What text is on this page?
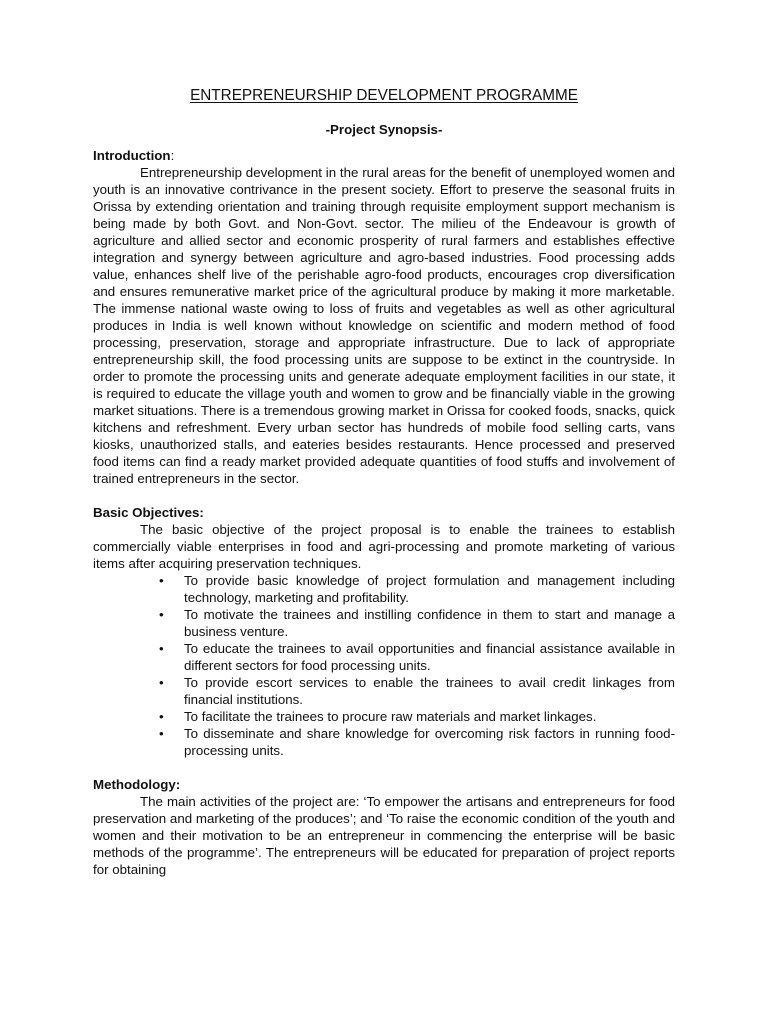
ENTREPRENEURSHIP DEVELOPMENT PROGRAMME
-Project Synopsis-
Introduction:

Entrepreneurship development in the rural areas for the benefit of unemployed women and youth is an innovative contrivance in the present society. Effort to preserve the seasonal fruits in Orissa by extending orientation and training through requisite employment support mechanism is being made by both Govt. and Non-Govt. sector. The milieu of the Endeavour is growth of agriculture and allied sector and economic prosperity of rural farmers and establishes effective integration and synergy between agriculture and agro-based industries. Food processing adds value, enhances shelf live of the perishable agro-food products, encourages crop diversification and ensures remunerative market price of the agricultural produce by making it more marketable. The immense national waste owing to loss of fruits and vegetables as well as other agricultural produces in India is well known without knowledge on scientific and modern method of food processing, preservation, storage and appropriate infrastructure. Due to lack of appropriate entrepreneurship skill, the food processing units are suppose to be extinct in the countryside. In order to promote the processing units and generate adequate employment facilities in our state, it is required to educate the village youth and women to grow and be financially viable in the growing market situations. There is a tremendous growing market in Orissa for cooked foods, snacks, quick kitchens and refreshment. Every urban sector has hundreds of mobile food selling carts, vans kiosks, unauthorized stalls, and eateries besides restaurants. Hence processed and preserved food items can find a ready market provided adequate quantities of food stuffs and involvement of trained entrepreneurs in the sector.

Basic Objectives:

The basic objective of the project proposal is to enable the trainees to establish commercially viable enterprises in food and agri-processing and promote marketing of various items after acquiring preservation techniques.

• To provide basic knowledge of project formulation and management including technology, marketing and profitability.
• To motivate the trainees and instilling confidence in them to start and manage a business venture.
• To educate the trainees to avail opportunities and financial assistance available in different sectors for food processing units.
• To provide escort services to enable the trainees to avail credit linkages from financial institutions.
• To facilitate the trainees to procure raw materials and market linkages.
• To disseminate and share knowledge for overcoming risk factors in running food-processing units.
Methodology:

The main activities of the project are: ‘To empower the artisans and entrepreneurs for food preservation and marketing of the produces’; and ‘To raise the economic condition of the youth and women and their motivation to be an entrepreneur in commencing the enterprise will be basic methods of the programme’. The entrepreneurs will be educated for preparation of project reports for obtaining
